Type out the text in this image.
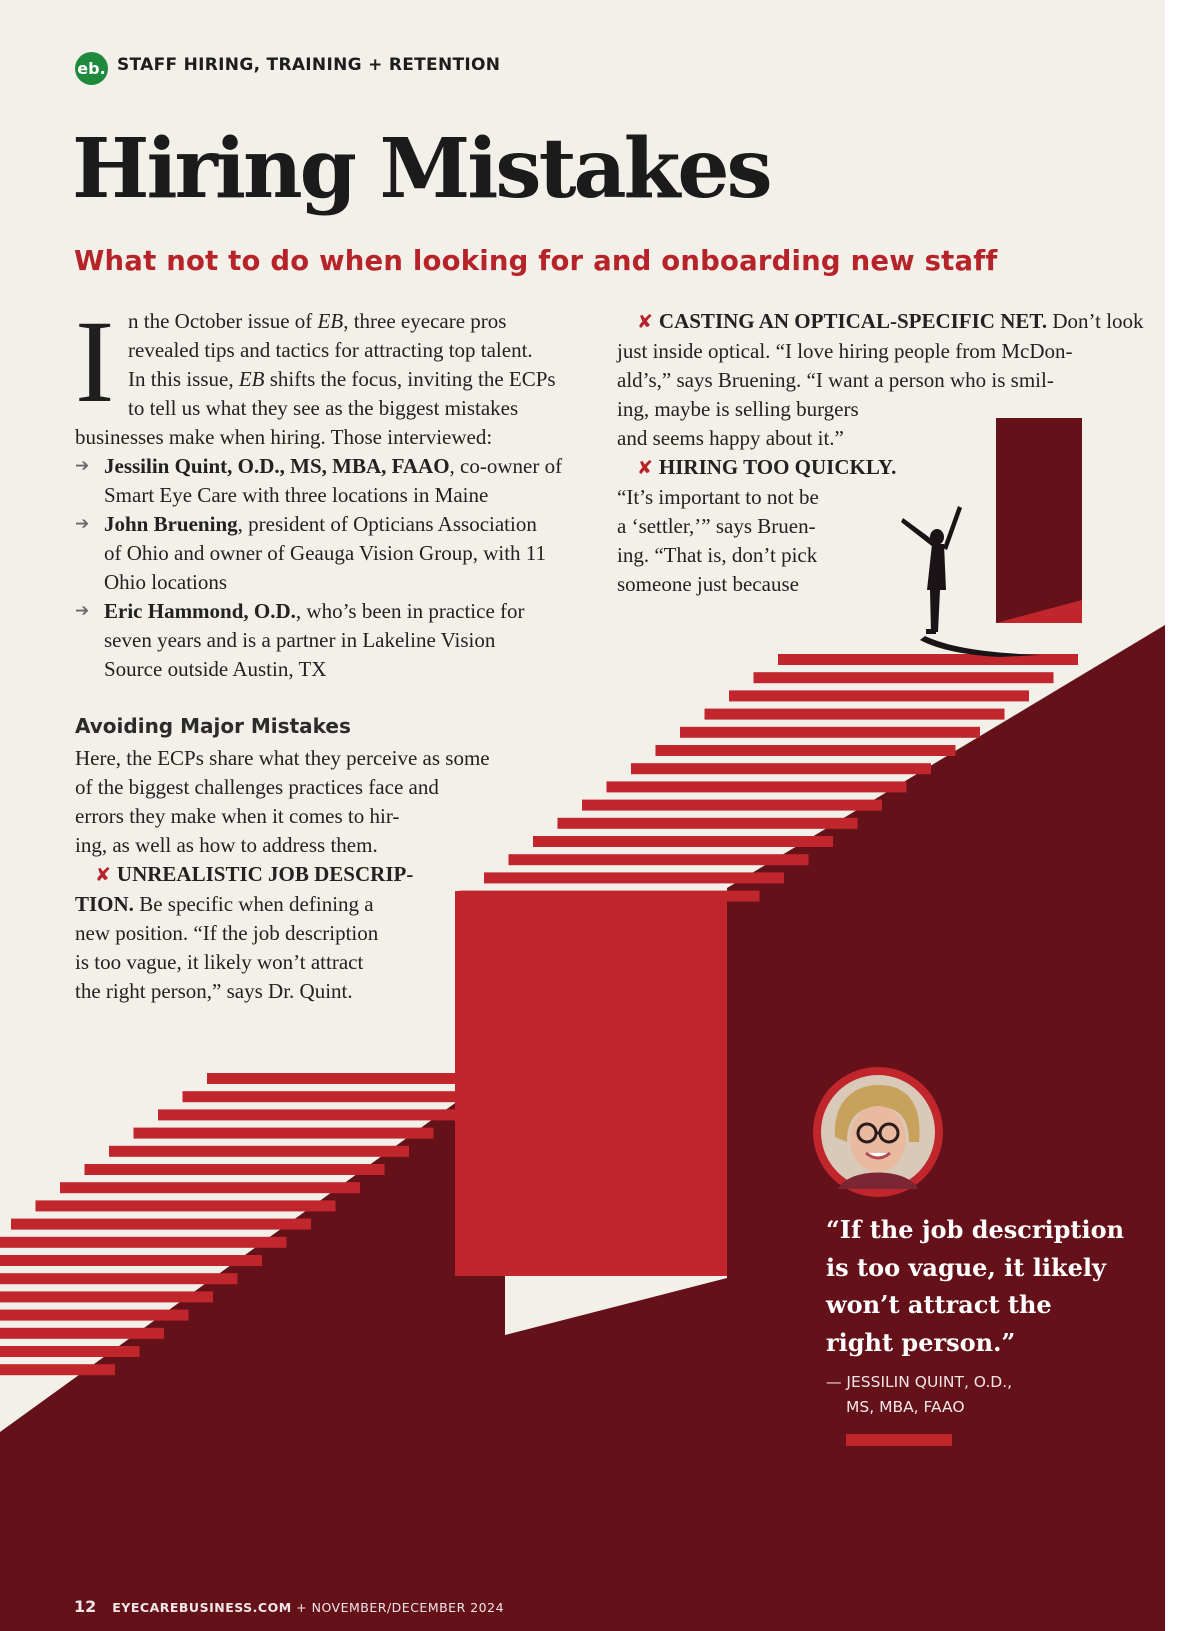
eb. STAFF HIRING, TRAINING + RETENTION
Hiring Mistakes
What not to do when looking for and onboarding new staff
I n the October issue of EB, three eyecare pros
revealed tips and tactics for attracting top talent.
In this issue, EB shifts the focus, inviting the ECPs
to tell us what they see as the biggest mistakes
businesses make when hiring. Those interviewed:
➔ Jessilin Quint, O.D., MS, MBA, FAAO, co-owner of
Smart Eye Care with three locations in Maine
➔ John Bruening, president of Opticians Association
of Ohio and owner of Geauga Vision Group, with 11
Ohio locations
➔ Eric Hammond, O.D., who’s been in practice for
seven years and is a partner in Lakeline Vision
Source outside Austin, TX
Avoiding Major Mistakes
Here, the ECPs share what they perceive as some
of the biggest challenges practices face and
errors they make when it comes to hir-
ing, as well as how to address them.
✘ UNREALISTIC JOB DESCRIP-
TION. Be specific when defining a
new position. “If the job description
is too vague, it likely won’t attract
the right person,” says Dr. Quint.
✘ CASTING AN OPTICAL-SPECIFIC NET. Don’t look
just inside optical. “I love hiring people from McDon-
ald’s,” says Bruening. “I want a person who is smil-
ing, maybe is selling burgers
and seems happy about it.”
✘ HIRING TOO QUICKLY.
“It’s important to not be
a ‘settler,’” says Bruen-
ing. “That is, don’t pick
someone just because
“If the job description is too vague, it likely won’t attract the right person.”
— JESSILIN QUINT, O.D.,
MS, MBA, FAAO
12 EYECAREBUSINESS.COM + NOVEMBER/DECEMBER 2024
